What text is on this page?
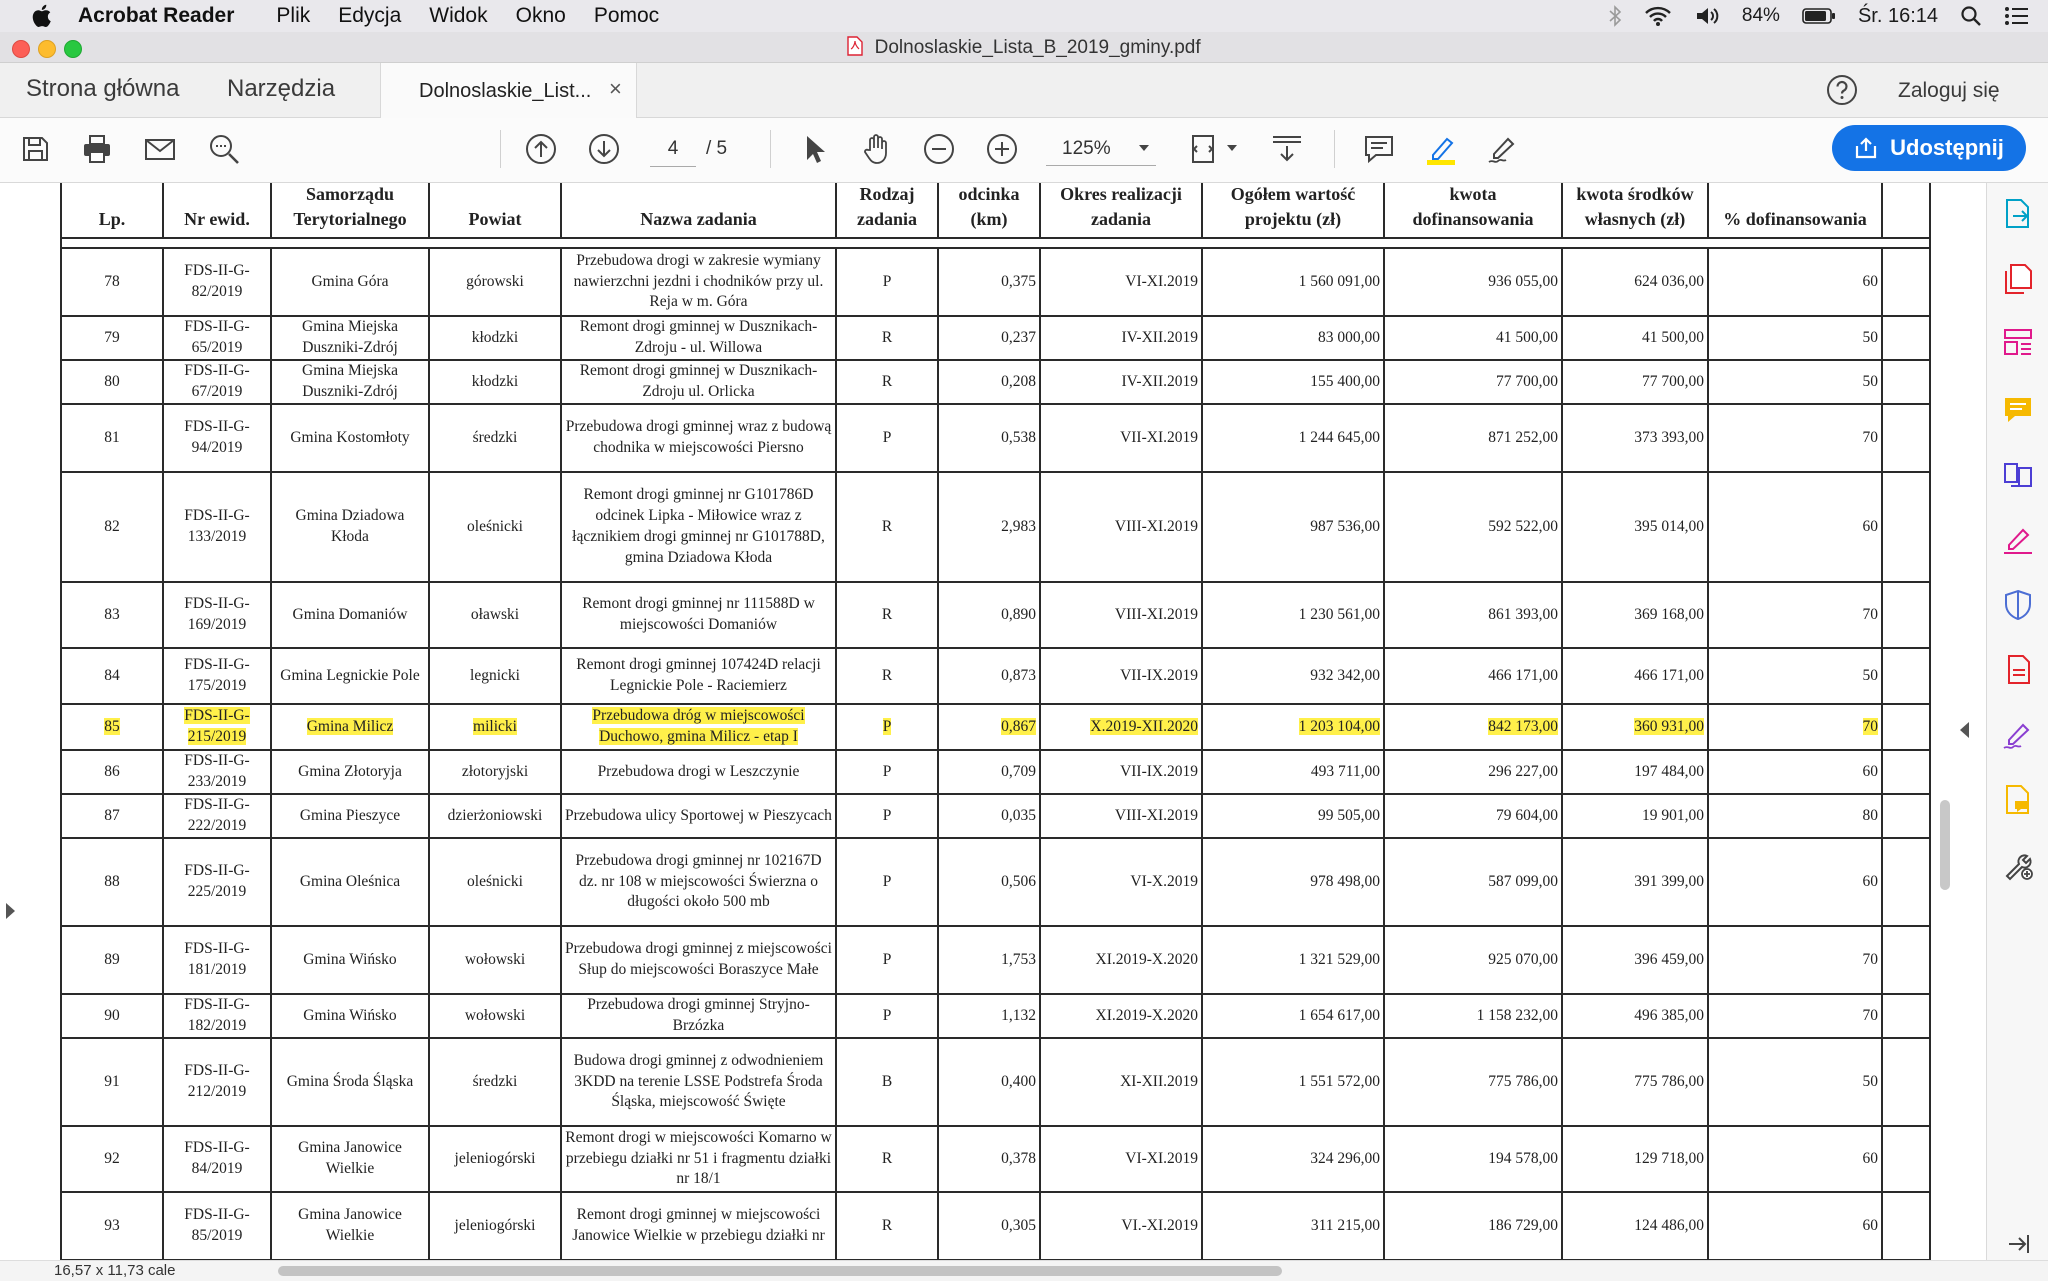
Acrobat Reader Plik Edycja Widok Okno Pomoc	84%	Śr. 16:14
Dolnoslaskie_Lista_B_2019_gminy.pdf
Strona główna Narzędzia	Dolnoslaskie_List... ×	Zaloguj się
4	/ 5	125%	Udostępnij
Lp.	Nr ewid.	Samorządu Terytorialnego	Powiat	Nazwa zadania	Rodzaj zadania	odcinka (km)	Okres realizacji zadania	Ogółem wartość projektu (zł)	kwota dofinansowania	kwota środków własnych (zł)	% dofinansowania	

78	FDS-II-G-82/2019	Gmina Góra	górowski	Przebudowa drogi w zakresie wymiany nawierzchni jezdni i chodników przy ul. Reja w m. Góra	P	0,375	VI-XI.2019	1 560 091,00	936 055,00	624 036,00	60	
79	FDS-II-G-65/2019	Gmina Miejska Duszniki-Zdrój	kłodzki	Remont drogi gminnej w Dusznikach-Zdroju - ul. Willowa	R	0,237	IV-XII.2019	83 000,00	41 500,00	41 500,00	50	
80	FDS-II-G-67/2019	Gmina Miejska Duszniki-Zdrój	kłodzki	Remont drogi gminnej w Dusznikach-Zdroju ul. Orlicka	R	0,208	IV-XII.2019	155 400,00	77 700,00	77 700,00	50	
81	FDS-II-G-94/2019	Gmina Kostomłoty	średzki	Przebudowa drogi gminnej wraz z budową chodnika w miejscowości Piersno	P	0,538	VII-XI.2019	1 244 645,00	871 252,00	373 393,00	70	
82	FDS-II-G-133/2019	Gmina Dziadowa Kłoda	oleśnicki	Remont drogi gminnej nr G101786D odcinek Lipka - Miłowice wraz z łącznikiem drogi gminnej nr G101788D, gmina Dziadowa Kłoda	R	2,983	VIII-XI.2019	987 536,00	592 522,00	395 014,00	60	
83	FDS-II-G-169/2019	Gmina Domaniów	oławski	Remont drogi gminnej nr 111588D w miejscowości Domaniów	R	0,890	VIII-XI.2019	1 230 561,00	861 393,00	369 168,00	70	
84	FDS-II-G-175/2019	Gmina Legnickie Pole	legnicki	Remont drogi gminnej 107424D relacji Legnickie Pole - Raciemierz	R	0,873	VII-IX.2019	932 342,00	466 171,00	466 171,00	50	
85	FDS-II-G-215/2019	Gmina Milicz	milicki	Przebudowa dróg w miejscowości Duchowo, gmina Milicz - etap I	P	0,867	X.2019-XII.2020	1 203 104,00	842 173,00	360 931,00	70	
86	FDS-II-G-233/2019	Gmina Złotoryja	złotoryjski	Przebudowa drogi w Leszczynie	P	0,709	VII-IX.2019	493 711,00	296 227,00	197 484,00	60	
87	FDS-II-G-222/2019	Gmina Pieszyce	dzierżoniowski	Przebudowa ulicy Sportowej w Pieszycach	P	0,035	VIII-XI.2019	99 505,00	79 604,00	19 901,00	80	
88	FDS-II-G-225/2019	Gmina Oleśnica	oleśnicki	Przebudowa drogi gminnej nr 102167D dz. nr 108 w miejscowości Świerzna o długości około 500 mb	P	0,506	VI-X.2019	978 498,00	587 099,00	391 399,00	60	
89	FDS-II-G-181/2019	Gmina Wińsko	wołowski	Przebudowa drogi gminnej z miejscowości Słup do miejscowości Boraszyce Małe	P	1,753	XI.2019-X.2020	1 321 529,00	925 070,00	396 459,00	70	
90	FDS-II-G-182/2019	Gmina Wińsko	wołowski	Przebudowa drogi gminnej Stryjno-Brzózka	P	1,132	XI.2019-X.2020	1 654 617,00	1 158 232,00	496 385,00	70	
91	FDS-II-G-212/2019	Gmina Środa Śląska	średzki	Budowa drogi gminnej z odwodnieniem 3KDD na terenie LSSE Podstrefa Środa Śląska, miejscowość Święte	B	0,400	XI-XII.2019	1 551 572,00	775 786,00	775 786,00	50	
92	FDS-II-G-84/2019	Gmina Janowice Wielkie	jeleniogórski	Remont drogi w miejscowości Komarno w przebiegu działki nr 51 i fragmentu działki nr 18/1	R	0,378	VI-XI.2019	324 296,00	194 578,00	129 718,00	60	
93	FDS-II-G-85/2019	Gmina Janowice Wielkie	jeleniogórski	Remont drogi gminnej w miejscowości Janowice Wielkie w przebiegu działki nr	R	0,305	VI.-XI.2019	311 215,00	186 729,00	124 486,00	60	
16,57 x 11,73 cale
